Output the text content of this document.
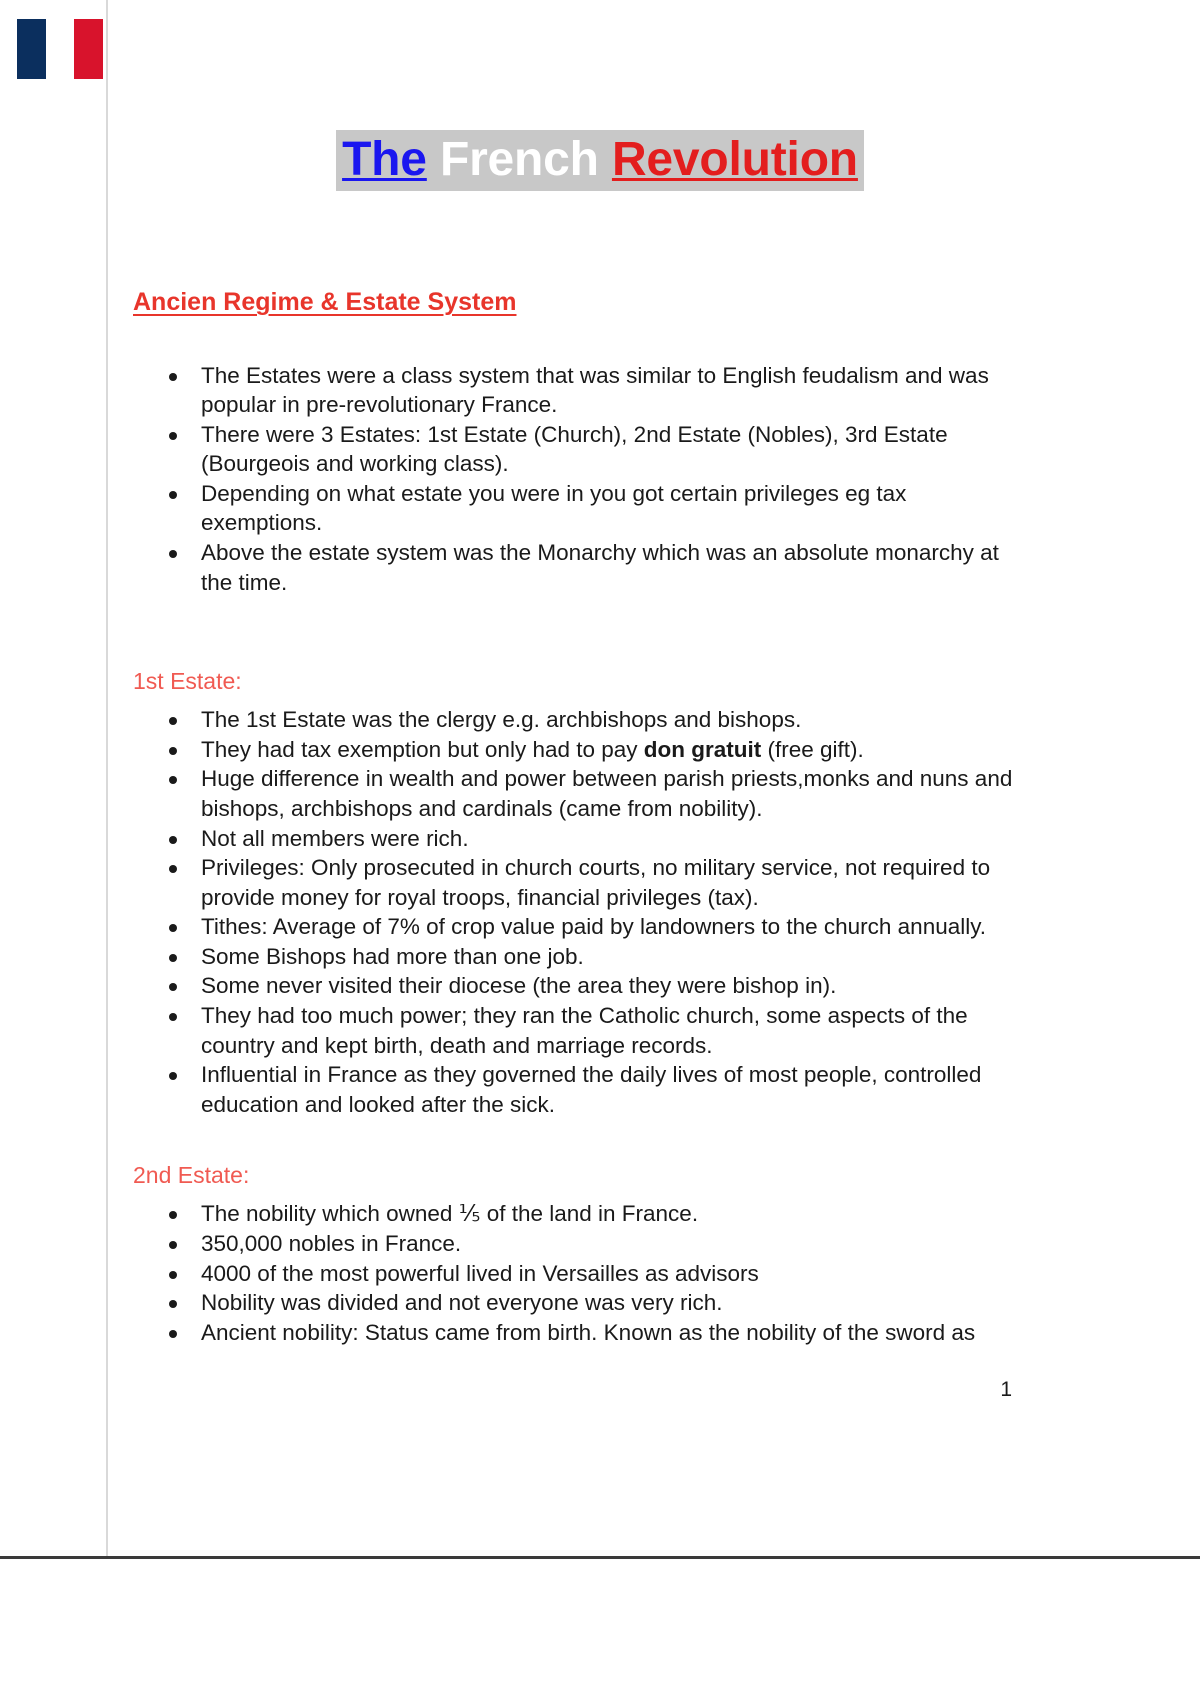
The French Revolution
Ancien Regime & Estate System
The Estates were a class system that was similar to English feudalism and was popular in pre-revolutionary France.
There were 3 Estates: 1st Estate (Church), 2nd Estate (Nobles), 3rd Estate (Bourgeois and working class).
Depending on what estate you were in you got certain privileges eg tax exemptions.
Above the estate system was the Monarchy which was an absolute monarchy at the time.
1st Estate:
The 1st Estate was the clergy e.g. archbishops and bishops.
They had tax exemption but only had to pay don gratuit (free gift).
Huge difference in wealth and power between parish priests,monks and nuns and bishops, archbishops and cardinals (came from nobility).
Not all members were rich.
Privileges: Only prosecuted in church courts, no military service, not required to provide money for royal troops, financial privileges (tax).
Tithes: Average of 7% of crop value paid by landowners to the church annually.
Some Bishops had more than one job.
Some never visited their diocese (the area they were bishop in).
They had too much power; they ran the Catholic church, some aspects of the country and kept birth, death and marriage records.
Influential in France as they governed the daily lives of most people, controlled education and looked after the sick.
2nd Estate:
The nobility which owned ⅕ of the land in France.
350,000 nobles in France.
4000 of the most powerful lived in Versailles as advisors
Nobility was divided and not everyone was very rich.
Ancient nobility: Status came from birth. Known as the nobility of the sword as
1
